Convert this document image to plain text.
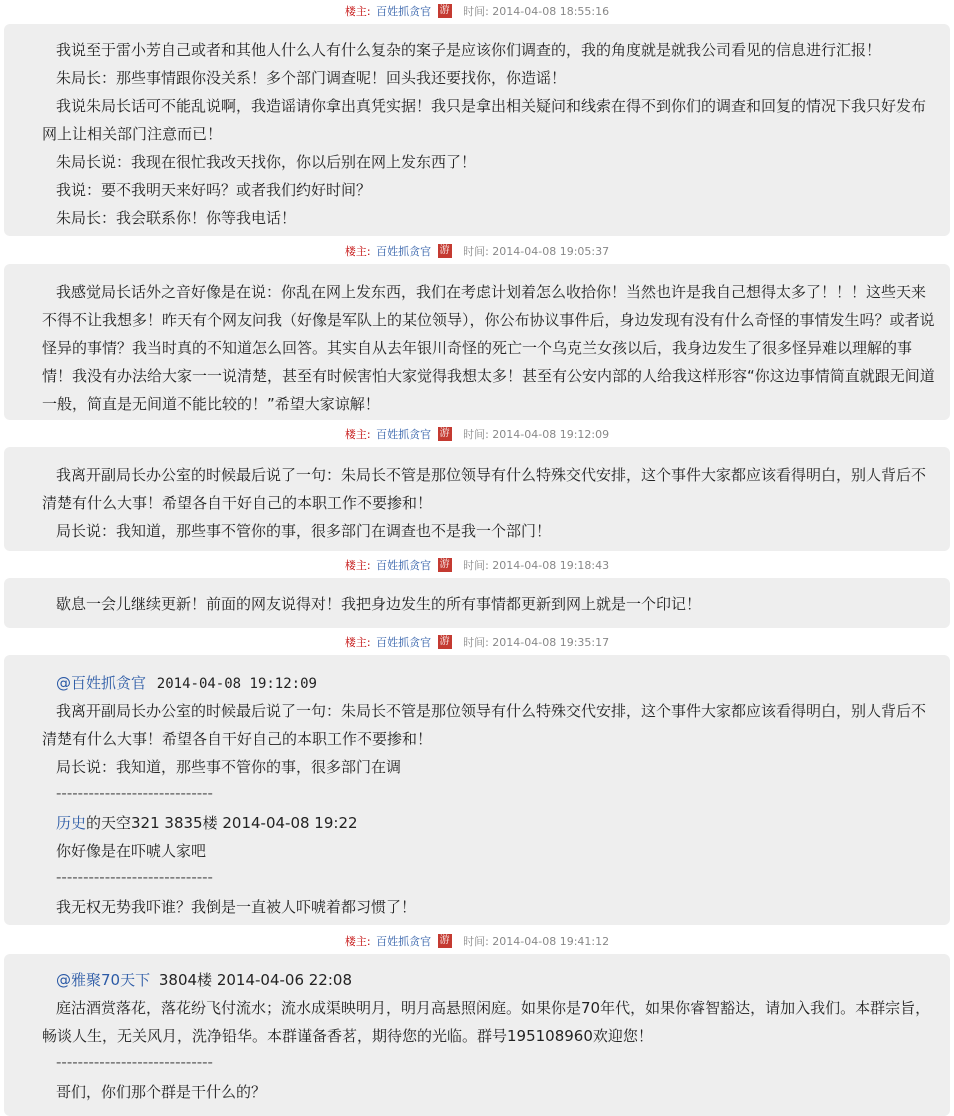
楼主: 百姓抓贪官 游 时间: 2014-04-08 18:55:16
我说至于雷小芳自己或者和其他人什么人有什么复杂的案子是应该你们调查的，我的角度就是就我公司看见的信息进行汇报！
朱局长：那些事情跟你没关系！多个部门调查呢！回头我还要找你，你造谣！
我说朱局长话可不能乱说啊，我造谣请你拿出真凭实据！我只是拿出相关疑问和线索在得不到你们的调查和回复的情况下我只好发布网上让相关部门注意而已！
朱局长说：我现在很忙我改天找你，你以后别在网上发东西了！
我说：要不我明天来好吗？或者我们约好时间？
朱局长：我会联系你！你等我电话！
楼主: 百姓抓贪官 游 时间: 2014-04-08 19:05:37
我感觉局长话外之音好像是在说：你乱在网上发东西，我们在考虑计划着怎么收拾你！当然也许是我自己想得太多了！！！这些天来不得不让我想多！昨天有个网友问我（好像是军队上的某位领导），你公布协议事件后，身边发现有没有什么奇怪的事情发生吗？或者说怪异的事情？我当时真的不知道怎么回答。其实自从去年银川奇怪的死亡一个乌克兰女孩以后，我身边发生了很多怪异难以理解的事情！我没有办法给大家一一说清楚，甚至有时候害怕大家觉得我想太多！甚至有公安内部的人给我这样形容“你这边事情简直就跟无间道一般，简直是无间道不能比较的！”希望大家谅解！
楼主: 百姓抓贪官 游 时间: 2014-04-08 19:12:09
我离开副局长办公室的时候最后说了一句：朱局长不管是那位领导有什么特殊交代安排，这个事件大家都应该看得明白，别人背后不清楚有什么大事！希望各自干好自己的本职工作不要掺和！
局长说：我知道，那些事不管你的事，很多部门在调查也不是我一个部门！
楼主: 百姓抓贪官 游 时间: 2014-04-08 19:18:43
歇息一会儿继续更新！前面的网友说得对！我把身边发生的所有事情都更新到网上就是一个印记！
楼主: 百姓抓贪官 游 时间: 2014-04-08 19:35:17
@百姓抓贪官 2014-04-08 19:12:09
我离开副局长办公室的时候最后说了一句：朱局长不管是那位领导有什么特殊交代安排，这个事件大家都应该看得明白，别人背后不清楚有什么大事！希望各自干好自己的本职工作不要掺和！
局长说：我知道，那些事不管你的事，很多部门在调
-----------------------------
历史的天空321 3835楼 2014-04-08 19:22
你好像是在吓唬人家吧
-----------------------------
我无权无势我吓谁？我倒是一直被人吓唬着都习惯了！
楼主: 百姓抓贪官 游 时间: 2014-04-08 19:41:12
@雅聚70天下 3804楼 2014-04-06 22:08
庭沽酒赏落花，落花纷飞付流水；流水成渠映明月，明月高悬照闲庭。如果你是70年代，如果你睿智豁达，请加入我们。本群宗旨，畅谈人生，无关风月，洗净铅华。本群谨备香茗，期待您的光临。群号195108960欢迎您！
-----------------------------
哥们，你们那个群是干什么的？
